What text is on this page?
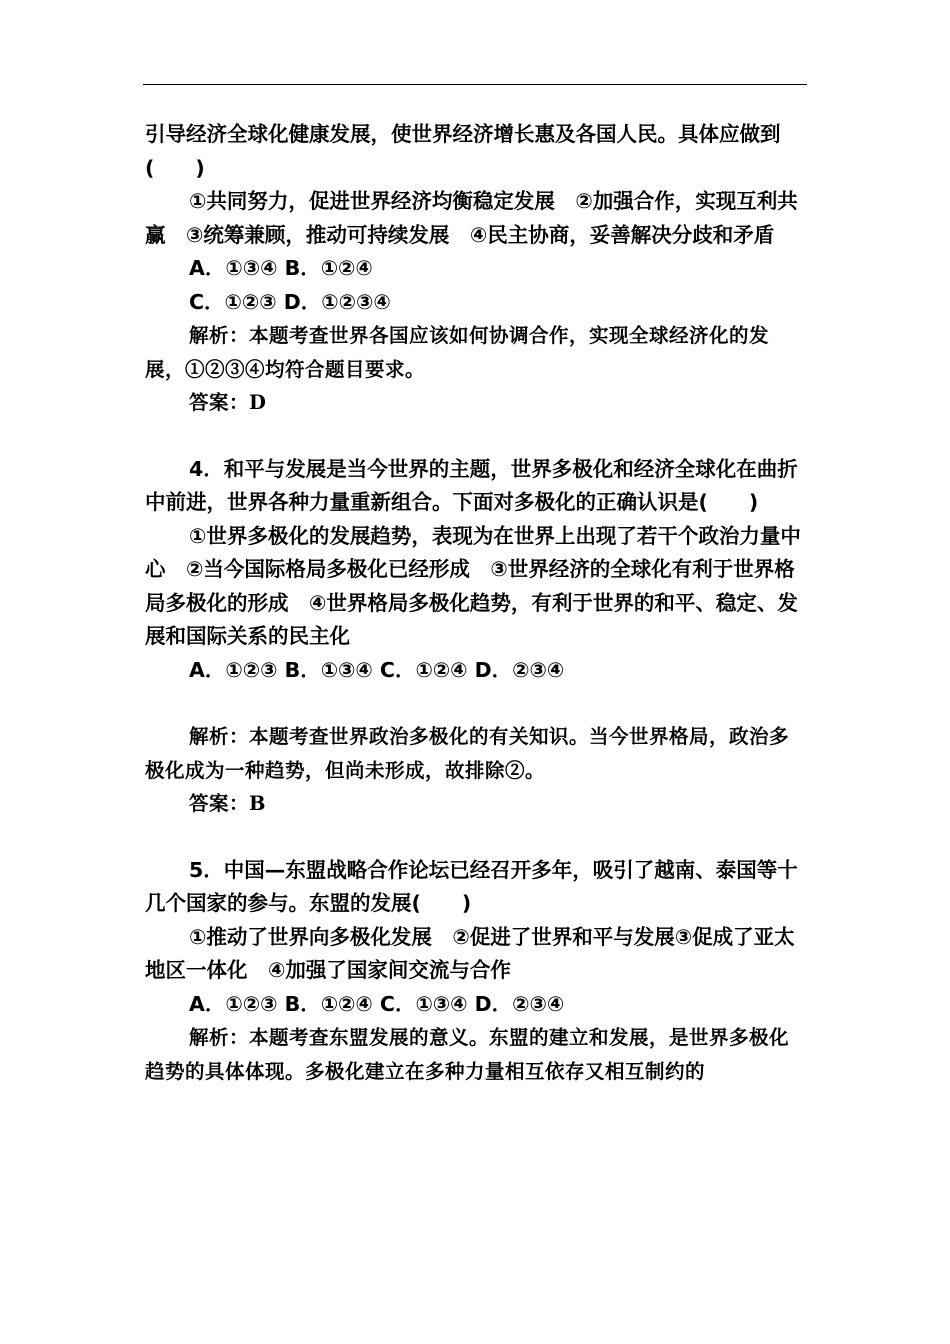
引导经济全球化健康发展，使世界经济增长惠及各国人民。具体应做到(　　)

①共同努力，促进世界经济均衡稳定发展　②加强合作，实现互利共赢　③统筹兼顾，推动可持续发展　④民主协商，妥善解决分歧和矛盾

A．①③④ B．①②④

C．①②③ D．①②③④

解析：本题考查世界各国应该如何协调合作，实现全球经济化的发展，①②③④均符合题目要求。

答案：D

4．和平与发展是当今世界的主题，世界多极化和经济全球化在曲折中前进，世界各种力量重新组合。下面对多极化的正确认识是(　　)

①世界多极化的发展趋势，表现为在世界上出现了若干个政治力量中心　②当今国际格局多极化已经形成　③世界经济的全球化有利于世界格局多极化的形成　④世界格局多极化趋势，有利于世界的和平、稳定、发展和国际关系的民主化

A．①②③ B．①③④ C．①②④ D．②③④

解析：本题考查世界政治多极化的有关知识。当今世界格局，政治多极化成为一种趋势，但尚未形成，故排除②。

答案：B

5．中国—东盟战略合作论坛已经召开多年，吸引了越南、泰国等十几个国家的参与。东盟的发展(　　)

①推动了世界向多极化发展　②促进了世界和平与发展③促成了亚太地区一体化　④加强了国家间交流与合作

A．①②③ B．①②④ C．①③④ D．②③④

解析：本题考查东盟发展的意义。东盟的建立和发展，是世界多极化趋势的具体体现。多极化建立在多种力量相互依存又相互制约的
